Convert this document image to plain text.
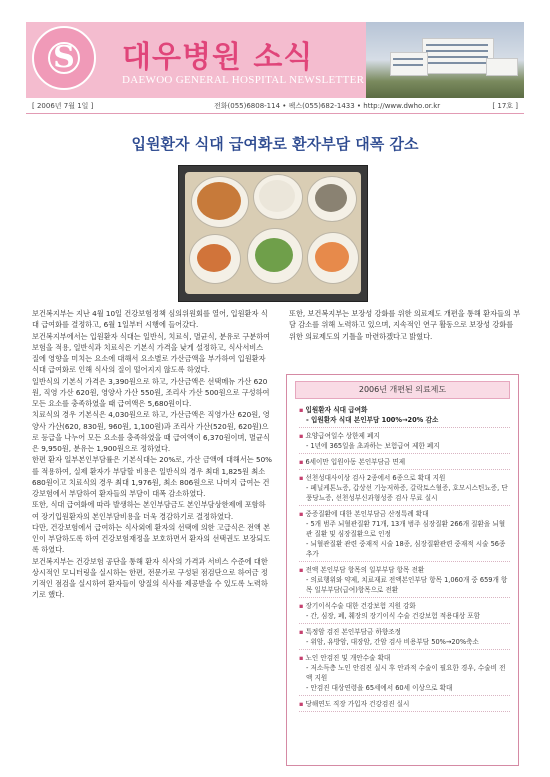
S	대우병원 소식
DAEWOO GENERAL HOSPITAL NEWSLETTER
[ 2006년 7월 1일 ]	전화(055)6808-114 • 팩스(055)682-1433 • http://www.dwho.or.kr	[ 17호 ]
입원환자 식대 급여화로 환자부담 대폭 감소

보건복지부는 지난 4월 10일 건강보험정책 심의위원회를 열어, 입원환자 식대 급여화를 결정하고, 6월 1일부터 시행에 들어갔다.

보건복지부에서는 입원환자 식대는 일반식, 치료식, 멸균식, 분유로 구분하여 보험을 적용, 일반식과 치료식은 기본식 가격을 낮게 설정하고, 식사서비스 질에 영향을 미치는 요소에 대해서 요소별로 가산금액을 부가하여 입원환자 식대 급여화로 인해 식사의 질이 떨어지지 않도록 하였다.

일반식의 기본식 가격은 3,390원으로 하고, 가산금액은 선택메뉴 가산 620원, 직영 가산 620원, 영양사 가산 550원, 조리사 가산 500원으로 구성하여 모든 요소를 충족하였을 때 급여액은 5,680원이다.

치료식의 경우 기본식은 4,030원으로 하고, 가산금액은 직영가산 620원, 영양사 가산(620, 830원, 960원, 1,100원)과 조리사 가산(520원, 620원)으로 등급을 나누어 모든 요소를 충족하였을 때 급여액이 6,370원이며, 멸균식은 9,950원, 분유는 1,900원으로 정하였다.

한편 환자 일부본인부담률은 기본식대는 20%로, 가산 금액에 대해서는 50%를 적용하여, 실제 환자가 부담할 비용은 일반식의 경우 최대 1,825원 최소 680원이고 치료식의 경우 최대 1,976원, 최소 806원으로 나머지 급여는 건강보험에서 부담하여 환자들의 부담이 대폭 감소하였다.

또한, 식대 급여화에 따라 발생하는 본인부담금도 본인부담상한제에 포함하여 장기입원환자의 본인부담비용을 더욱 경감하기로 결정하였다.

다만, 건강보험에서 급여하는 식사외에 환자의 선택에 의한 고급식은 전액 본인이 부담하도록 하여 건강보험재정을 보호하면서 환자의 선택권도 보장되도록 하였다.

보건복지부는 건강보험 공단을 통해 환자 식사의 가격과 서비스 수준에 대한 상시적인 모니터링을 실시하는 한편, 전문가로 구성된 점검단으로 하여금 정기적인 점검을 실시하여 환자들이 양질의 식사를 제공받을 수 있도록 노력하기로 했다.

또한, 보건복지부는 보장성 강화를 위한 의료제도 개편을 통해 환자들의 부담 감소를 위해 노력하고 있으며, 지속적인 연구 활동으로 보장성 강화를 위한 의료제도의 기틀을 마련하겠다고 밝혔다.

2006년 개편된 의료제도
▪ 입원환자 식대 급여화
- 입원환자 식대 본인부담 100%→20% 감소
▪ 요양급여일수 상한제 폐지
- 1년에 365일을 초과하는 보험급여 제한 폐지
▪ 6세이만 입원아동 본인부담금 면제
▪ 선천성대사이상 검사 2종에서 6종으로 확대 지원
- 페닐케톤뇨증, 갑상선 기능저하증, 갈락토스혈증, 호모시스틴뇨증, 단풍당뇨증, 선천성부신과형성증 검사 무료 실시
▪ 중증질환에 대한 본인부담금 산정특례 확대
- 5개 범주 뇌혈관질환 71개, 13개 범주 심장질환 266개 질환을 뇌혈관 질환 및 심장질환으로 인정
- 뇌혈관질환 관련 중재적 시술 18종, 심장질환관련 중재적 시술 56종 추가
▪ 전액 본인부담 항목의 일부부담 항목 전환
- 의료행위와 약제, 치료재료 전액본인부담 항목 1,060개 중 659개 항목 일부부담(급여)항목으로 전환
▪ 장기이식수술 대한 건강보험 지원 강화
- 간, 심장, 폐, 췌장의 장기이식 수술 건강보험 적용대상 포함
▪ 특정암 검진 본인부담금 하향조정
- 위암, 유방암, 대장암, 간암 검사 비용부담 50%→20%축소
▪ 노인 안검진 및 개안수술 확대
- 저소득층 노인 안검진 실시 후 안과적 수술이 필요한 경우, 수술비 전액 지원
- 안검진 대상연령을 65세에서 60세 이상으로 확대
▪ 당해연도 직장 가입자 건강검진 실시
